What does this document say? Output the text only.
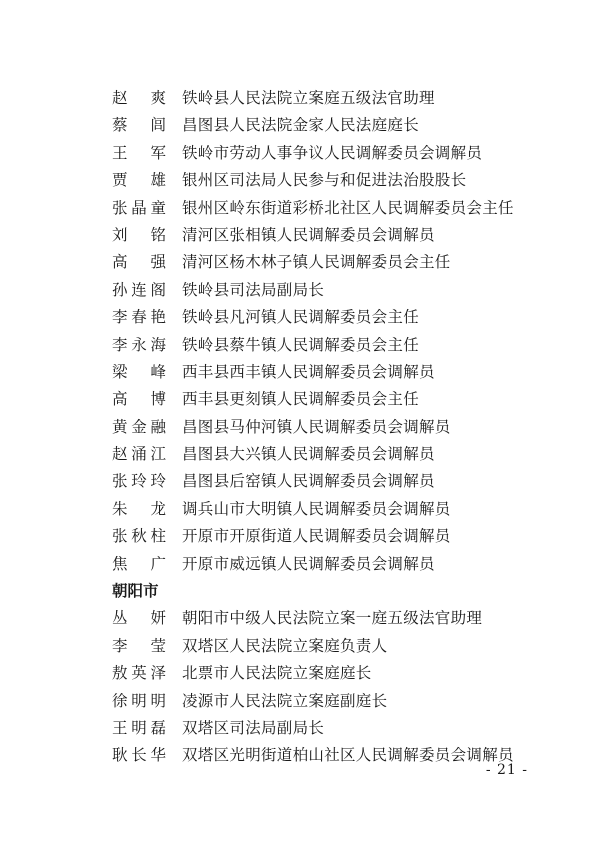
赵 爽 铁岭县人民法院立案庭五级法官助理
蔡 闾 昌图县人民法院金家人民法庭庭长
王 军 铁岭市劳动人事争议人民调解委员会调解员
贾 雄 银州区司法局人民参与和促进法治股股长
张晶童 银州区岭东街道彩桥北社区人民调解委员会主任
刘 铭 清河区张相镇人民调解委员会调解员
高 强 清河区杨木林子镇人民调解委员会主任
孙连阁 铁岭县司法局副局长
李春艳 铁岭县凡河镇人民调解委员会主任
李永海 铁岭县蔡牛镇人民调解委员会主任
梁 峰 西丰县西丰镇人民调解委员会调解员
高 博 西丰县更刻镇人民调解委员会主任
黄金融 昌图县马仲河镇人民调解委员会调解员
赵涌江 昌图县大兴镇人民调解委员会调解员
张玲玲 昌图县后窑镇人民调解委员会调解员
朱 龙 调兵山市大明镇人民调解委员会调解员
张秋柱 开原市开原街道人民调解委员会调解员
焦 广 开原市威远镇人民调解委员会调解员
朝阳市
丛 妍 朝阳市中级人民法院立案一庭五级法官助理
李 莹 双塔区人民法院立案庭负责人
敖英泽 北票市人民法院立案庭庭长
徐明明 凌源市人民法院立案庭副庭长
王明磊 双塔区司法局副局长
耿长华 双塔区光明街道柏山社区人民调解委员会调解员
- 21 -
